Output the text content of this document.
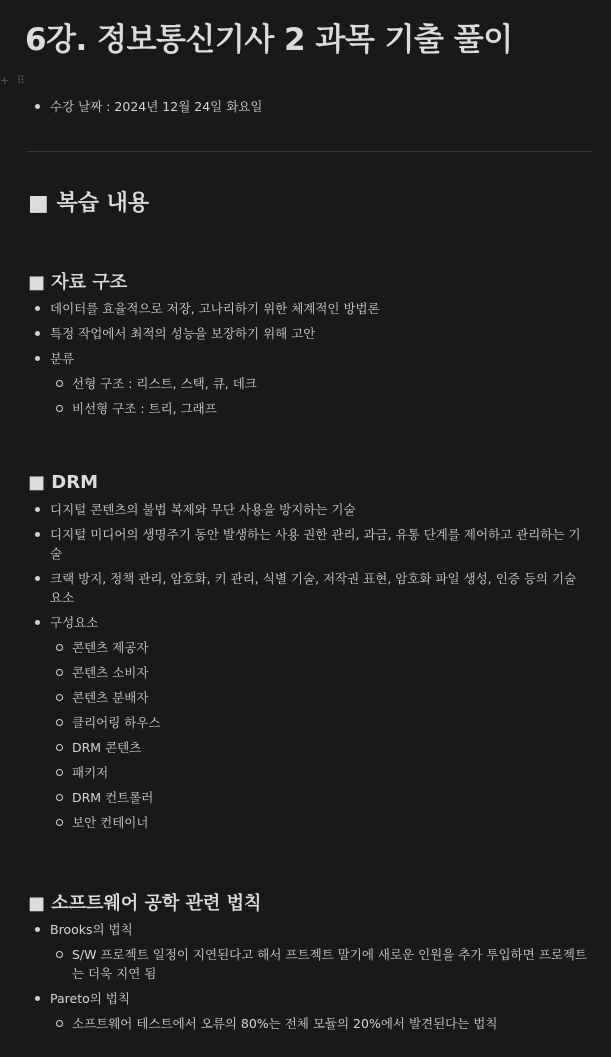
6강. 정보통신기사 2 과목 기출 풀이
+ ⠿
수강 날짜 : 2024년 12월 24일 화요일
■ 복습 내용
■ 자료 구조
데이터를 효율적으로 저장, 고나리하기 위한 체계적인 방법론
특정 작업에서 최적의 성능을 보장하기 위해 고안
분류
선형 구조 : 리스트, 스택, 큐, 데크
비선형 구조 : 트리, 그래프
■ DRM
디지털 콘텐츠의 불법 복제와 무단 사용을 방지하는 기술
디지털 미디어의 생명주기 동안 발생하는 사용 권한 관리, 과금, 유통 단계를 제어하고 관리하는 기술
크랙 방지, 정책 관리, 암호화, 키 관리, 식별 기술, 저작권 표현, 암호화 파일 생성, 인증 등의 기술 요소
구성요소
콘텐츠 제공자
콘텐츠 소비자
콘텐츠 분배자
클리어링 하우스
DRM 콘텐츠
패키저
DRM 컨트롤러
보안 컨테이너
■ 소프트웨어 공학 관련 법칙
Brooks의 법칙
S/W 프로젝트 일정이 지연된다고 해서 프트젝트 말기에 새로운 인원을 추가 투입하면 프로젝트는 더욱 지연 됨
Pareto의 법칙
소프트웨어 테스트에서 오류의 80%는 전체 모듈의 20%에서 발견된다는 법칙
